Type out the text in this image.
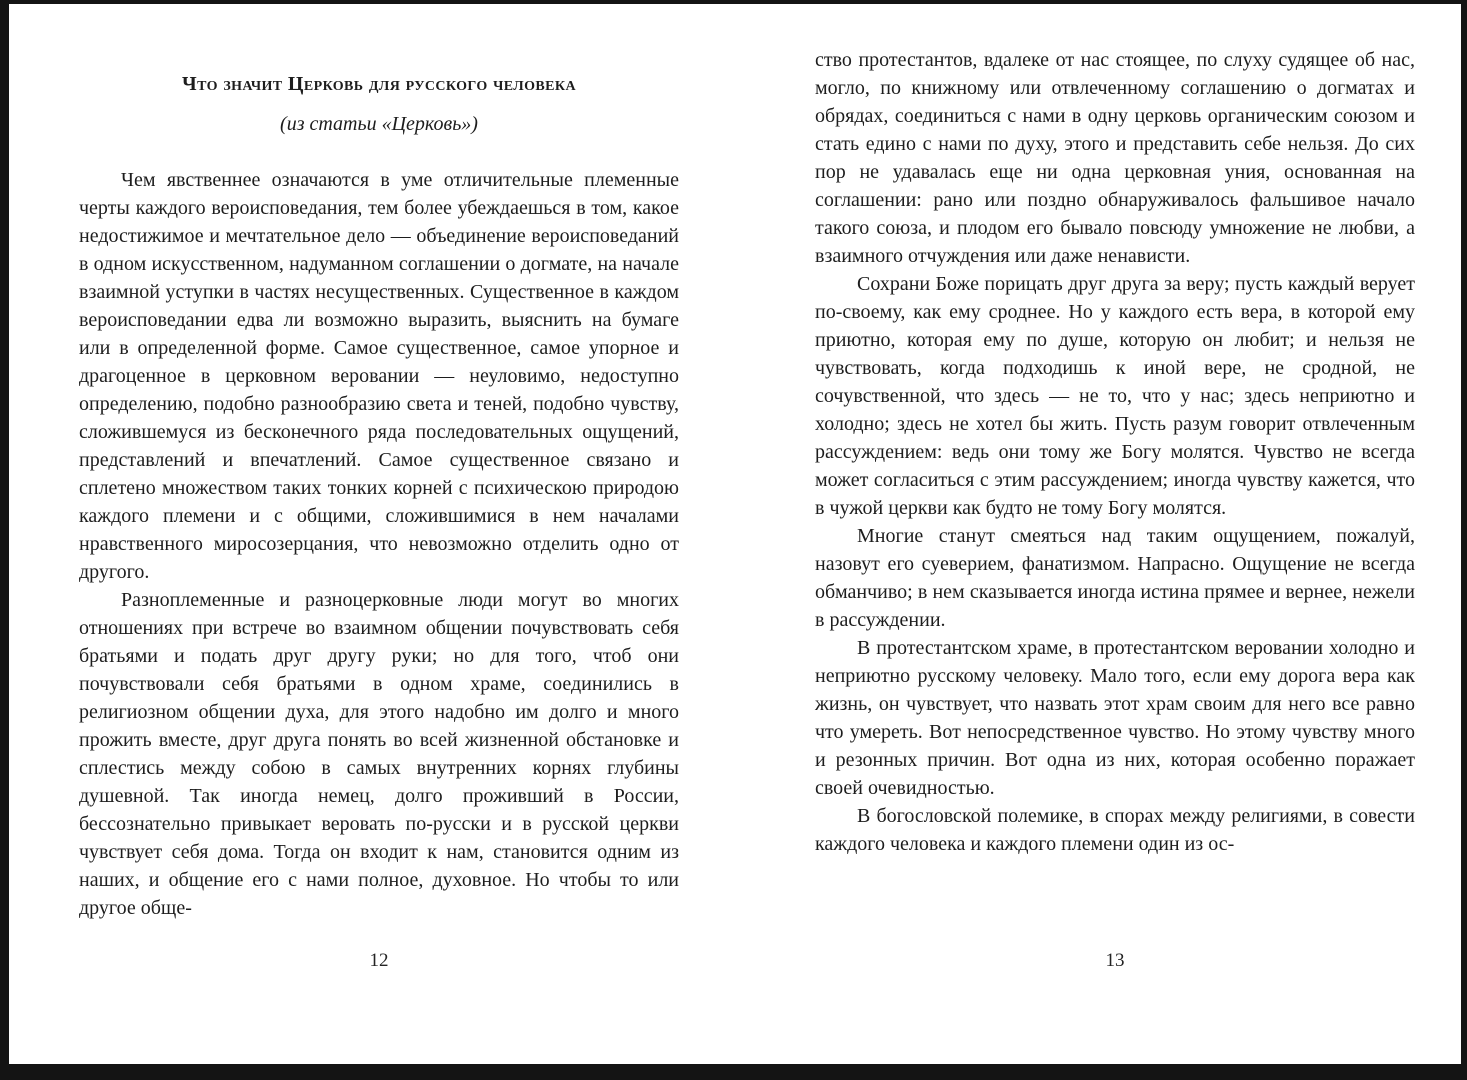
Что значит Церковь для русского человека
(из статьи «Церковь»)

Чем явственнее означаются в уме отличительные племенные черты каждого вероисповедания, тем более убеждаешься в том, какое недостижимое и мечтательное дело — объединение вероисповеданий в одном искусственном, надуманном соглашении о догмате, на начале взаимной уступки в частях несущественных. Существенное в каждом вероисповедании едва ли возможно выразить, выяснить на бумаге или в определенной форме. Самое существенное, самое упорное и драгоценное в церковном веровании — неуловимо, недоступно определению, подобно разнообразию света и теней, подобно чувству, сложившемуся из бесконечного ряда последовательных ощущений, представлений и впечатлений. Самое существенное связано и сплетено множеством таких тонких корней с психическою природою каждого племени и с общими, сложившимися в нем началами нравственного миросозерцания, что невозможно отделить одно от другого.

Разноплеменные и разноцерковные люди могут во многих отношениях при встрече во взаимном общении почувствовать себя братьями и подать друг другу руки; но для того, чтоб они почувствовали себя братьями в одном храме, соединились в религиозном общении духа, для этого надобно им долго и много прожить вместе, друг друга понять во всей жизненной обстановке и сплестись между собою в самых внутренних корнях глубины душевной. Так иногда немец, долго проживший в России, бессознательно привыкает веровать по-русски и в русской церкви чувствует себя дома. Тогда он входит к нам, становится одним из наших, и общение его с нами полное, духовное. Но чтобы то или другое обще-

ство протестантов, вдалеке от нас стоящее, по слуху судящее об нас, могло, по книжному или отвлеченному соглашению о догматах и обрядах, соединиться с нами в одну церковь органическим союзом и стать едино с нами по духу, этого и представить себе нельзя. До сих пор не удавалась еще ни одна церковная уния, основанная на соглашении: рано или поздно обнаруживалось фальшивое начало такого союза, и плодом его бывало повсюду умножение не любви, а взаимного отчуждения или даже ненависти.

Сохрани Боже порицать друг друга за веру; пусть каждый верует по-своему, как ему сроднее. Но у каждого есть вера, в которой ему приютно, которая ему по душе, которую он любит; и нельзя не чувствовать, когда подходишь к иной вере, не сродной, не сочувственной, что здесь — не то, что у нас; здесь неприютно и холодно; здесь не хотел бы жить. Пусть разум говорит отвлеченным рассуждением: ведь они тому же Богу молятся. Чувство не всегда может согласиться с этим рассуждением; иногда чувству кажется, что в чужой церкви как будто не тому Богу молятся.

Многие станут смеяться над таким ощущением, пожалуй, назовут его суеверием, фанатизмом. Напрасно. Ощущение не всегда обманчиво; в нем сказывается иногда истина прямее и вернее, нежели в рассуждении.

В протестантском храме, в протестантском веровании холодно и неприютно русскому человеку. Мало того, если ему дорога вера как жизнь, он чувствует, что назвать этот храм своим для него все равно что умереть. Вот непосредственное чувство. Но этому чувству много и резонных причин. Вот одна из них, которая особенно поражает своей очевидностью.

В богословской полемике, в спорах между религиями, в совести каждого человека и каждого племени один из ос-

12	13
